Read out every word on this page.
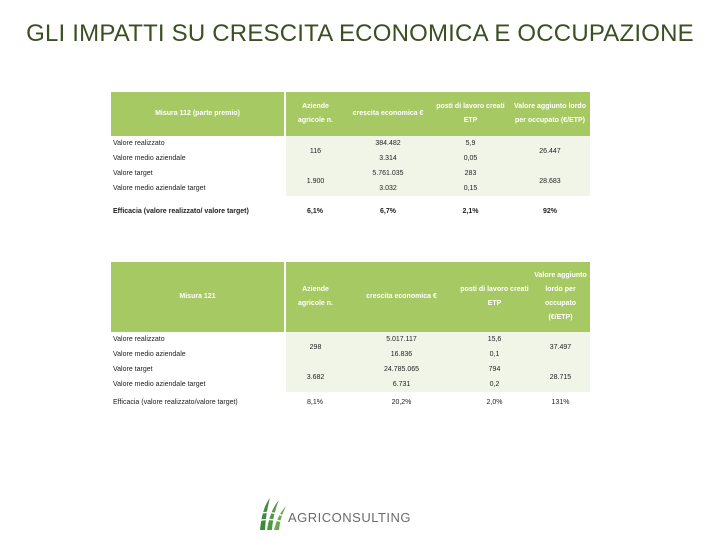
GLI IMPATTI SU CRESCITA ECONOMICA E OCCUPAZIONE
Misura 112 (parte premio)	Aziende agricole n.	crescita economica €	posti di lavoro creati ETP	Valore aggiunto lordo per occupato (€/ETP)
Valore realizzato	116	384.482	5,9	26.447
Valore medio aziendale		3.314	0,05	
Valore target	1.900	5.761.035	283	28.683
Valore medio aziendale target		3.032	0,15	
Efficacia (valore realizzato/ valore target)	6,1%	6,7%	2,1%	92%
Misura 121	Aziende agricole n.	crescita economica €	posti di lavoro creati ETP	Valore aggiunto lordo per occupato (€/ETP)
Valore realizzato	298	5.017.117	15,6	37.497
Valore medio aziendale		16.836	0,1	
Valore target	3.682	24.785.065	794	28.715
Valore medio aziendale target		6.731	0,2	
Efficacia (valore realizzato/valore target)	8,1%	20,2%	2,0%	131%
AGRICONSULTING
